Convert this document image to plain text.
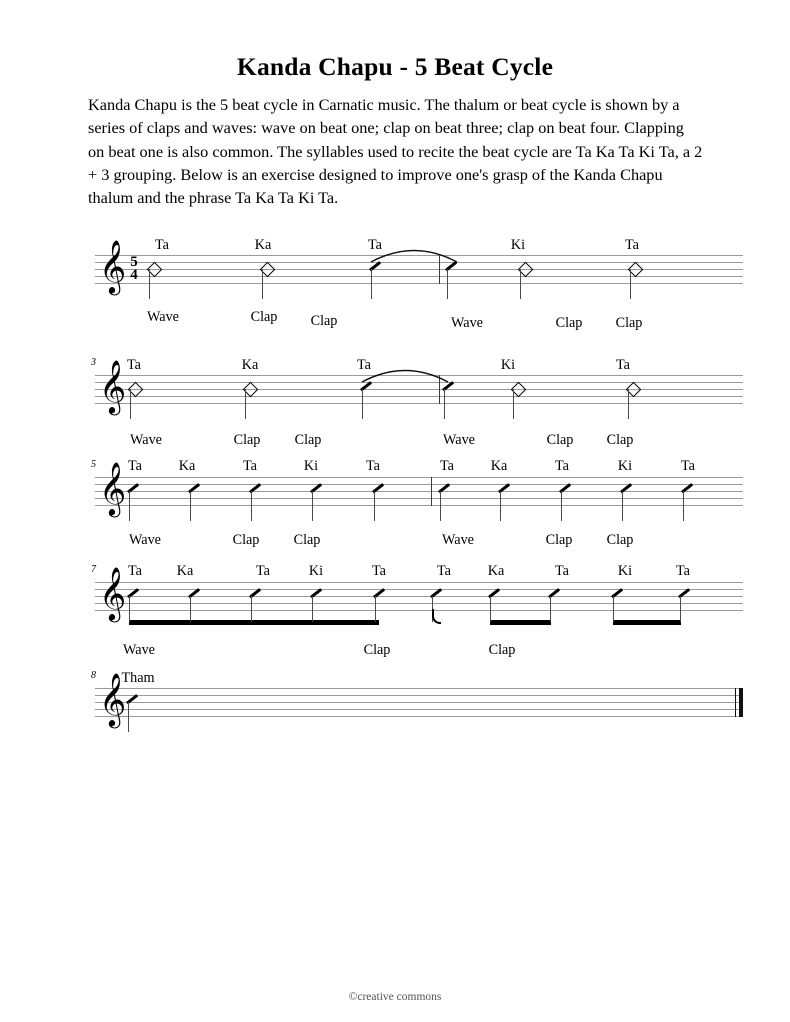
Kanda Chapu - 5 Beat Cycle
Kanda Chapu is the 5 beat cycle in Carnatic music. The thalum or beat cycle is shown by a series of claps and waves: wave on beat one; clap on beat three; clap on beat four. Clapping on beat one is also common. The syllables used to recite the beat cycle are Ta Ka Ta Ki Ta, a 2 + 3 grouping. Below is an exercise designed to improve one's grasp of the Kanda Chapu thalum and the phrase Ta Ka Ta Ki Ta.
𝄞 5
4
Ta	Ka	Ta	Ki	Ta
Wave	Clap Clap	Wave	Clap Clap
3 𝄞 Ta	Ka	Ta	Ki	Ta
Wave	Clap Clap	Wave	Clap Clap
5 𝄞 Ta	Ka	Ta	Ki	Ta	Ta	Ka	Ta	Ki	Ta
Wave	Clap Clap	Wave	Clap Clap
7 𝄞 Ta Ka	Ta	Ki	Ta	Ta	Ka	Ta	Ki	Ta
Wave	Clap	Clap
8 𝄞
Tham
©creative commons
